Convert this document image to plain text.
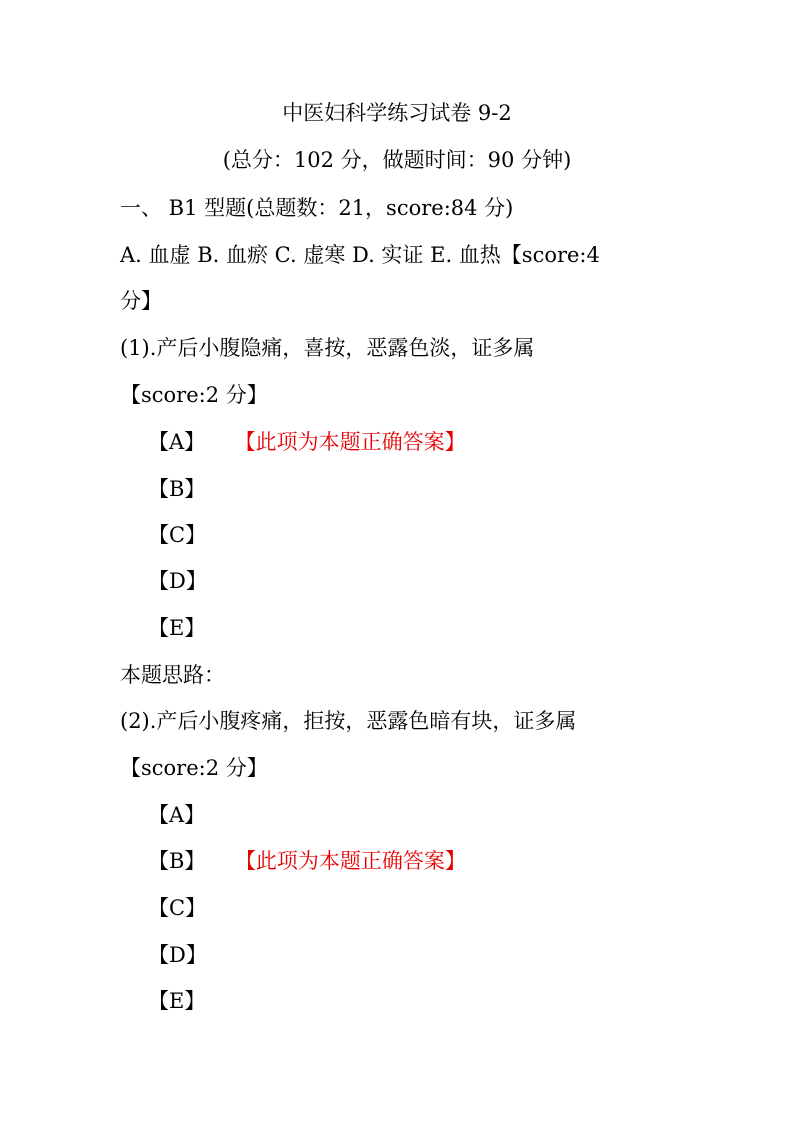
中医妇科学练习试卷 9-2
(总分：102 分，做题时间：90 分钟)
一、 B1 型题(总题数：21，score:84 分)
A. 血虚 B. 血瘀 C. 虚寒 D. 实证 E. 血热【score:4
分】
(1).产后小腹隐痛，喜按，恶露色淡，证多属
【score:2 分】
【A】 【此项为本题正确答案】
【B】
【C】
【D】
【E】
本题思路：
(2).产后小腹疼痛，拒按，恶露色暗有块，证多属
【score:2 分】
【A】
【B】 【此项为本题正确答案】
【C】
【D】
【E】
